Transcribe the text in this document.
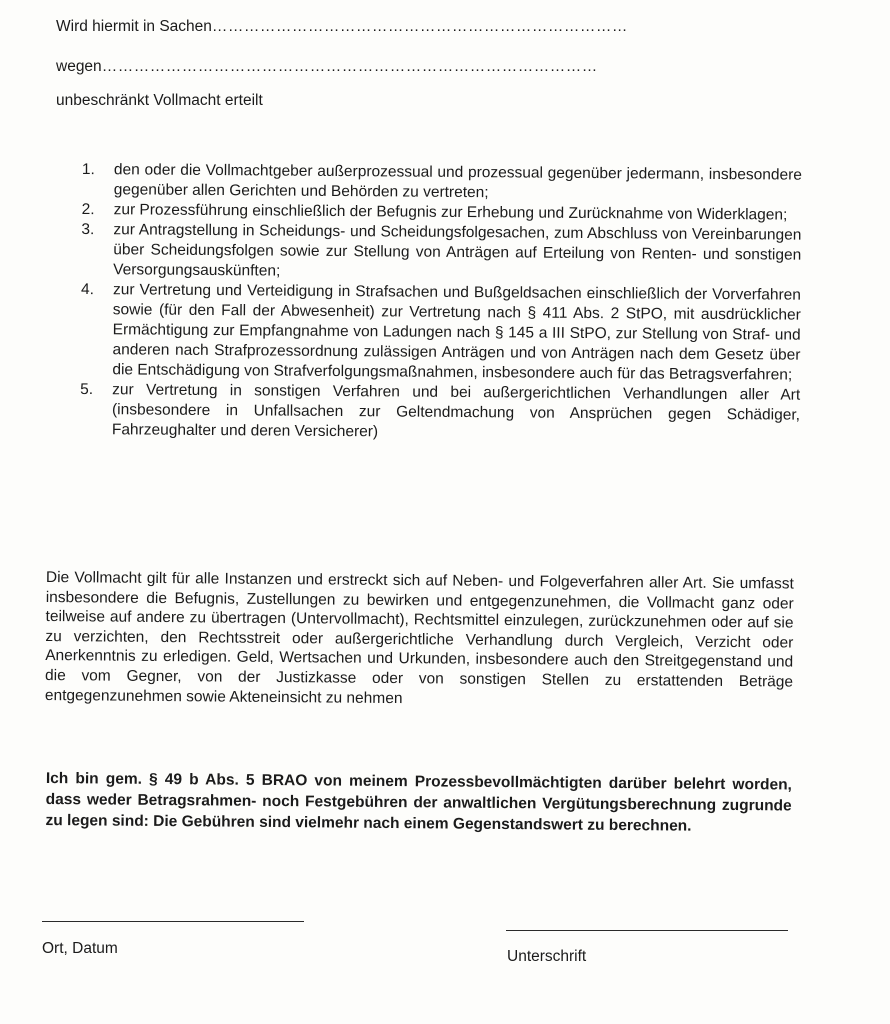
Wird hiermit in Sachen……………………………………………………………………
wegen…………………………………………………………………………………
unbeschränkt Vollmacht erteilt
1. den oder die Vollmachtgeber außerprozessual und prozessual gegenüber jedermann, insbesondere gegenüber allen Gerichten und Behörden zu vertreten;
2. zur Prozessführung einschließlich der Befugnis zur Erhebung und Zurücknahme von Widerklagen;
3. zur Antragstellung in Scheidungs- und Scheidungsfolgesachen, zum Abschluss von Vereinbarungen über Scheidungsfolgen sowie zur Stellung von Anträgen auf Erteilung von Renten- und sonstigen Versorgungsauskünften;
4. zur Vertretung und Verteidigung in Strafsachen und Bußgeldsachen einschließlich der Vorverfahren sowie (für den Fall der Abwesenheit) zur Vertretung nach § 411 Abs. 2 StPO, mit ausdrücklicher Ermächtigung zur Empfangnahme von Ladungen nach § 145 a III StPO, zur Stellung von Straf- und anderen nach Strafprozessordnung zulässigen Anträgen und von Anträgen nach dem Gesetz über die Entschädigung von Strafverfolgungsmaßnahmen, insbesondere auch für das Betragsverfahren;
5. zur Vertretung in sonstigen Verfahren und bei außergerichtlichen Verhandlungen aller Art (insbesondere in Unfallsachen zur Geltendmachung von Ansprüchen gegen Schädiger, Fahrzeughalter und deren Versicherer)

Die Vollmacht gilt für alle Instanzen und erstreckt sich auf Neben- und Folgeverfahren aller Art. Sie umfasst insbesondere die Befugnis, Zustellungen zu bewirken und entgegenzunehmen, die Vollmacht ganz oder teilweise auf andere zu übertragen (Untervollmacht), Rechtsmittel einzulegen, zurückzunehmen oder auf sie zu verzichten, den Rechtsstreit oder außergerichtliche Verhandlung durch Vergleich, Verzicht oder Anerkenntnis zu erledigen. Geld, Wertsachen und Urkunden, insbesondere auch den Streitgegenstand und die vom Gegner, von der Justizkasse oder von sonstigen Stellen zu erstattenden Beträge entgegenzunehmen sowie Akteneinsicht zu nehmen

Ich bin gem. § 49 b Abs. 5 BRAO von meinem Prozessbevollmächtigten darüber belehrt worden, dass weder Betragsrahmen- noch Festgebühren der anwaltlichen Vergütungsberechnung zugrunde zu legen sind: Die Gebühren sind vielmehr nach einem Gegenstandswert zu berechnen.

Ort, Datum	Unterschrift
